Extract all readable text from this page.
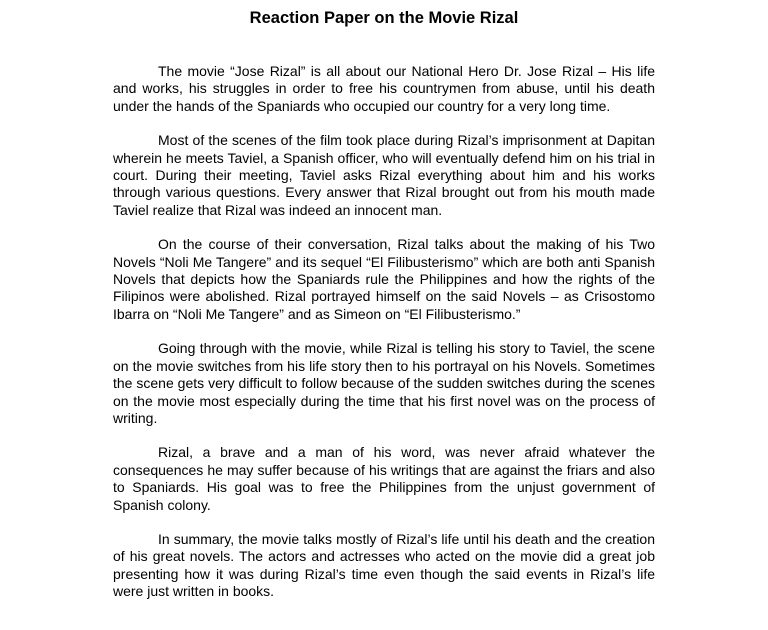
Reaction Paper on the Movie Rizal

The movie “Jose Rizal” is all about our National Hero Dr. Jose Rizal – His life and works, his struggles in order to free his countrymen from abuse, until his death under the hands of the Spaniards who occupied our country for a very long time.

Most of the scenes of the film took place during Rizal’s imprisonment at Dapitan wherein he meets Taviel, a Spanish officer, who will eventually defend him on his trial in court. During their meeting, Taviel asks Rizal everything about him and his works through various questions. Every answer that Rizal brought out from his mouth made Taviel realize that Rizal was indeed an innocent man.

On the course of their conversation, Rizal talks about the making of his Two Novels “Noli Me Tangere” and its sequel “El Filibusterismo” which are both anti Spanish Novels that depicts how the Spaniards rule the Philippines and how the rights of the Filipinos were abolished. Rizal portrayed himself on the said Novels – as Crisostomo Ibarra on “Noli Me Tangere” and as Simeon on “El Filibusterismo.”

Going through with the movie, while Rizal is telling his story to Taviel, the scene on the movie switches from his life story then to his portrayal on his Novels. Sometimes the scene gets very difficult to follow because of the sudden switches during the scenes on the movie most especially during the time that his first novel was on the process of writing.

Rizal, a brave and a man of his word, was never afraid whatever the consequences he may suffer because of his writings that are against the friars and also to Spaniards. His goal was to free the Philippines from the unjust government of Spanish colony.

In summary, the movie talks mostly of Rizal’s life until his death and the creation of his great novels. The actors and actresses who acted on the movie did a great job presenting how it was during Rizal’s time even though the said events in Rizal’s life were just written in books.
